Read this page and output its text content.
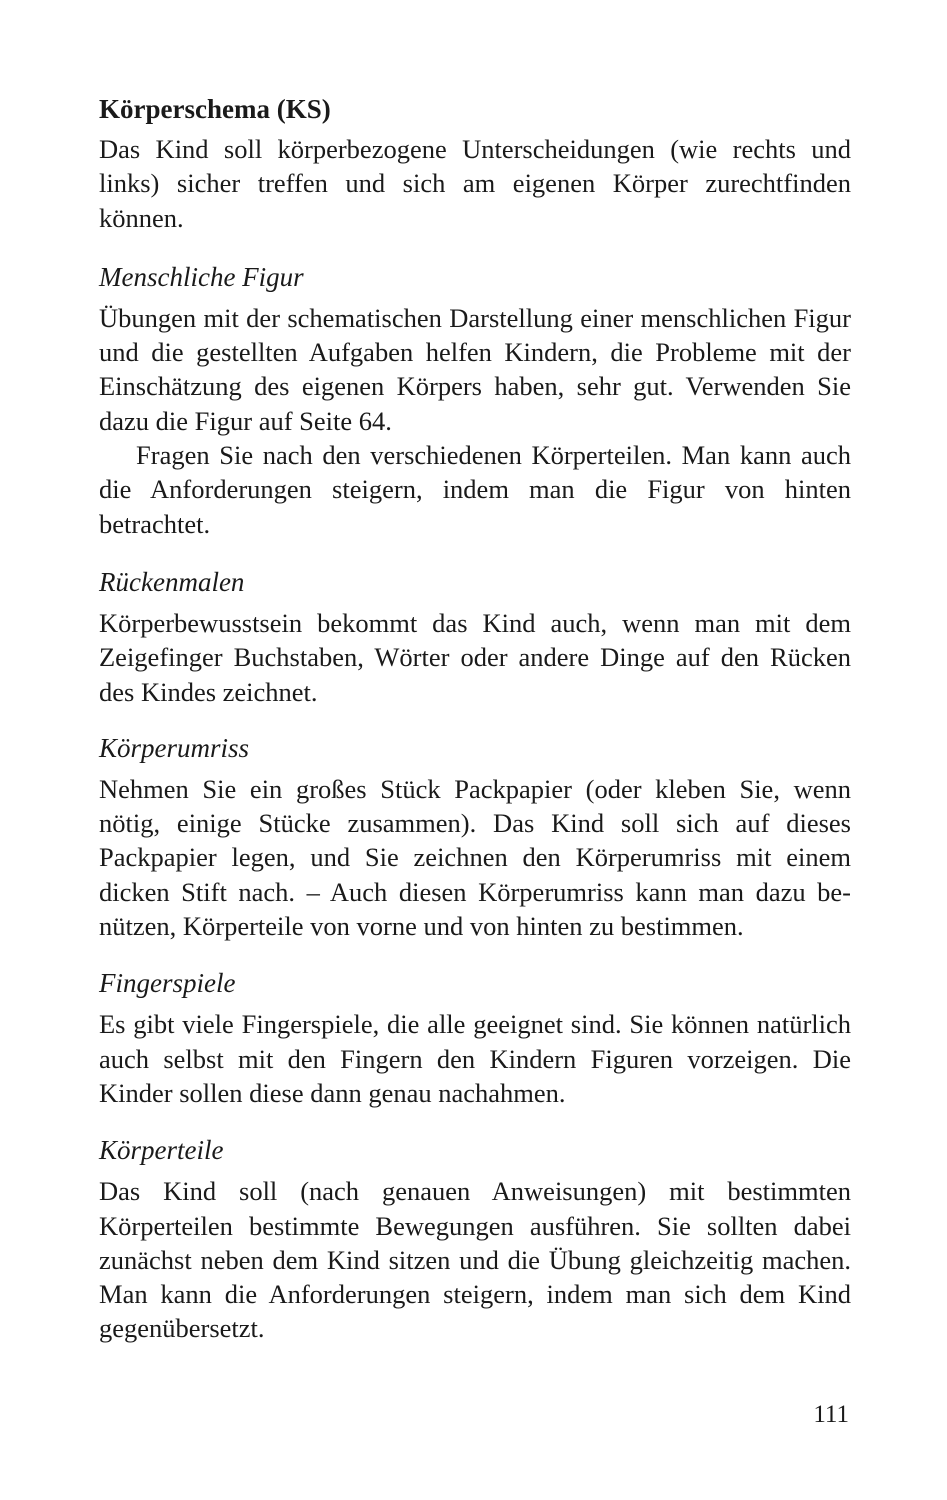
Körperschema (KS)

Das Kind soll körperbezogene Unterscheidungen (wie rechts und links) sicher treffen und sich am eigenen Körper zurechtfinden können.

Menschliche Figur

Übungen mit der schematischen Darstellung einer menschlichen Figur und die gestellten Aufgaben helfen Kindern, die Probleme mit der Einschätzung des eigenen Körpers haben, sehr gut. Verwenden Sie dazu die Figur auf Seite 64.

Fragen Sie nach den verschiedenen Körperteilen. Man kann auch die Anforderungen steigern, indem man die Figur von hinten betrachtet.

Rückenmalen

Körperbewusstsein bekommt das Kind auch, wenn man mit dem Zeigefinger Buchstaben, Wörter oder andere Dinge auf den Rücken des Kindes zeichnet.

Körperumriss

Nehmen Sie ein großes Stück Packpapier (oder kleben Sie, wenn nötig, einige Stücke zusammen). Das Kind soll sich auf dieses Packpapier legen, und Sie zeichnen den Körperumriss mit einem dicken Stift nach. – Auch diesen Körperumriss kann man dazu benützen, Körperteile von vorne und von hinten zu bestimmen.

Fingerspiele

Es gibt viele Fingerspiele, die alle geeignet sind. Sie können natürlich auch selbst mit den Fingern den Kindern Figuren vorzeigen. Die Kinder sollen diese dann genau nachahmen.

Körperteile

Das Kind soll (nach genauen Anweisungen) mit bestimmten Körperteilen bestimmte Bewegungen ausführen. Sie sollten dabei zunächst neben dem Kind sitzen und die Übung gleichzeitig machen. Man kann die Anforderungen steigern, indem man sich dem Kind gegenübersetzt.

111
